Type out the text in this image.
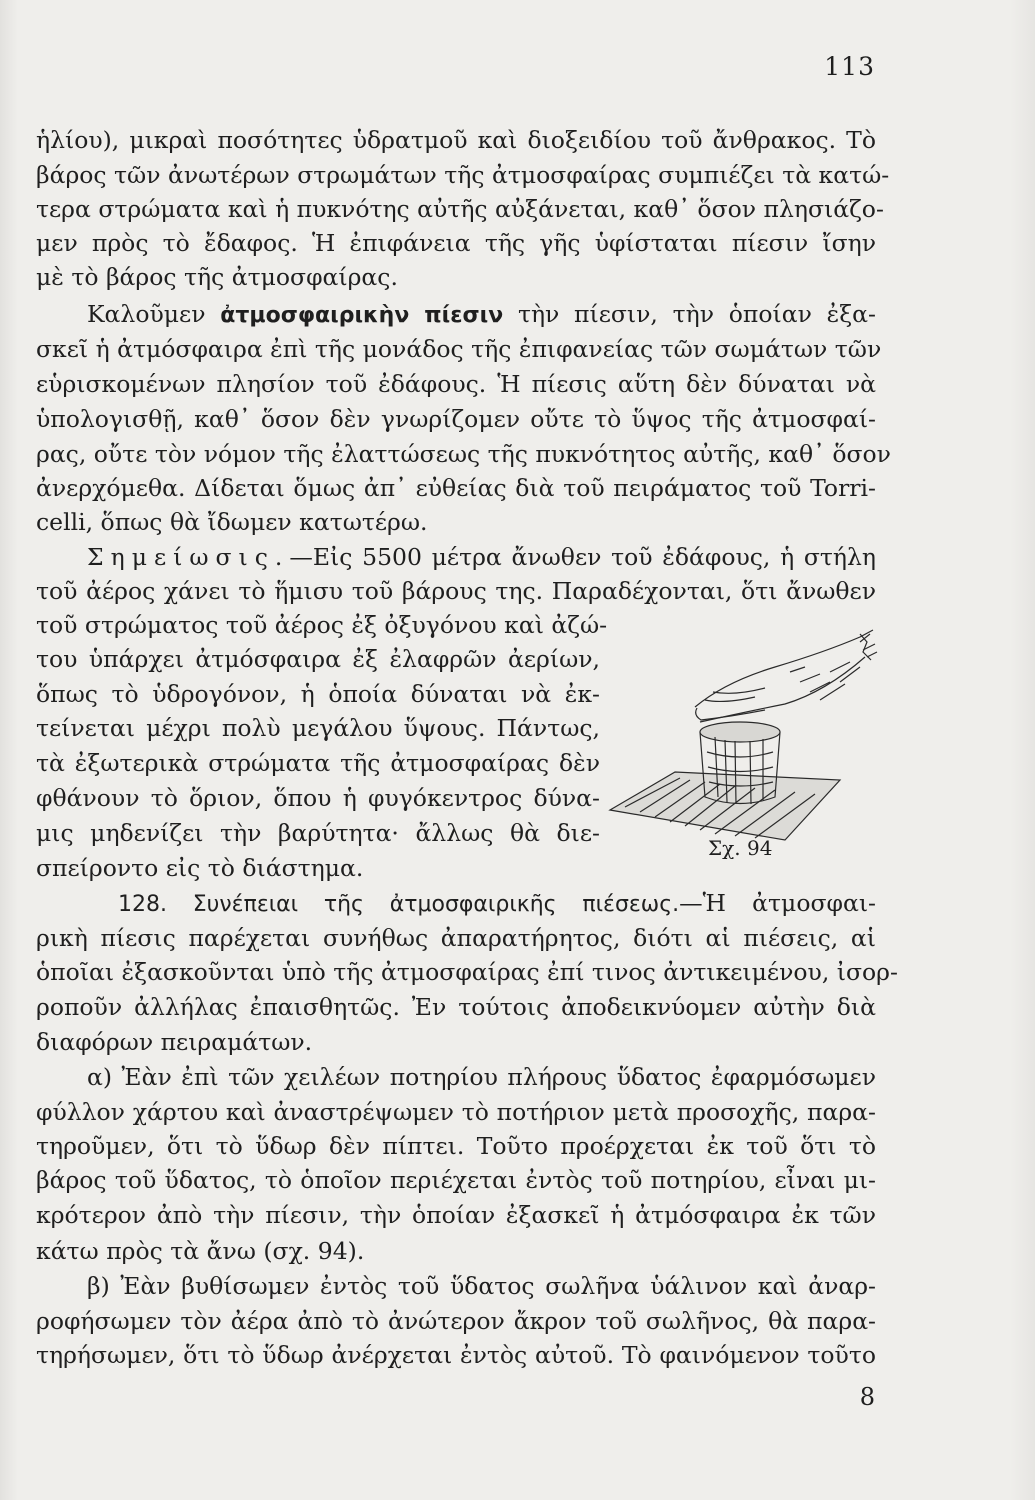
113
ἡλίου), μικραὶ ποσότητες ὑδρατμοῦ καὶ διοξειδίου τοῦ ἄνθρακος. Τὸ
βάρος τῶν ἀνωτέρων στρωμάτων τῆς ἀτμοσφαίρας συμπιέζει τὰ κατώ-
τερα στρώματα καὶ ἡ πυκνότης αὐτῆς αὐξάνεται, καθ᾽ ὅσον πλησιάζο-
μεν πρὸς τὸ ἔδαφος. Ἡ ἐπιφάνεια τῆς γῆς ὑφίσταται πίεσιν ἴσην
μὲ τὸ βάρος τῆς ἀτμοσφαίρας.
Καλοῦμεν ἀτμοσφαιρικὴν πίεσιν τὴν πίεσιν, τὴν ὁποίαν ἐξα-
σκεῖ ἡ ἀτμόσφαιρα ἐπὶ τῆς μονάδος τῆς ἐπιφανείας τῶν σωμάτων τῶν
εὑρισκομένων πλησίον τοῦ ἐδάφους. Ἡ πίεσις αὕτη δὲν δύναται νὰ
ὑπολογισθῇ, καθ᾽ ὅσον δὲν γνωρίζομεν οὔτε τὸ ὕψος τῆς ἀτμοσφαί-
ρας, οὔτε τὸν νόμον τῆς ἐλαττώσεως τῆς πυκνότητος αὐτῆς, καθ᾽ ὅσον
ἀνερχόμεθα. Δίδεται ὅμως ἀπ᾽ εὐθείας διὰ τοῦ πειράματος τοῦ Torri-
celli, ὅπως θὰ ἴδωμεν κατωτέρω.
Σημείωσις.—Εἰς 5500 μέτρα ἄνωθεν τοῦ ἐδάφους, ἡ στήλη
τοῦ ἀέρος χάνει τὸ ἥμισυ τοῦ βάρους της. Παραδέχονται, ὅτι ἄνωθεν
τοῦ στρώματος τοῦ ἀέρος ἐξ ὀξυγόνου καὶ ἀζώ-
του ὑπάρχει ἀτμόσφαιρα ἐξ ἐλαφρῶν ἀερίων,
ὅπως τὸ ὑδρογόνον, ἡ ὁποία δύναται νὰ ἐκ-
τείνεται μέχρι πολὺ μεγάλου ὕψους. Πάντως,
τὰ ἐξωτερικὰ στρώματα τῆς ἀτμοσφαίρας δὲν
φθάνουν τὸ ὅριον, ὅπου ἡ φυγόκεντρος δύνα-
μις μηδενίζει τὴν βαρύτητα· ἄλλως θὰ διε-
σπείροντο εἰς τὸ διάστημα.
Σχ. 94
128. Συνέπειαι τῆς ἀτμοσφαιρικῆς πιέσεως.—Ἡ ἀτμοσφαι-
ρικὴ πίεσις παρέχεται συνήθως ἀπαρατήρητος, διότι αἱ πιέσεις, αἱ
ὁποῖαι ἐξασκοῦνται ὑπὸ τῆς ἀτμοσφαίρας ἐπί τινος ἀντικειμένου, ἰσορ-
ροποῦν ἀλλήλας ἐπαισθητῶς. Ἐν τούτοις ἀποδεικνύομεν αὐτὴν διὰ
διαφόρων πειραμάτων.
α) Ἐὰν ἐπὶ τῶν χειλέων ποτηρίου πλήρους ὕδατος ἐφαρμόσωμεν
φύλλον χάρτου καὶ ἀναστρέψωμεν τὸ ποτήριον μετὰ προσοχῆς, παρα-
τηροῦμεν, ὅτι τὸ ὕδωρ δὲν πίπτει. Τοῦτο προέρχεται ἐκ τοῦ ὅτι τὸ
βάρος τοῦ ὕδατος, τὸ ὁποῖον περιέχεται ἐντὸς τοῦ ποτηρίου, εἶναι μι-
κρότερον ἀπὸ τὴν πίεσιν, τὴν ὁποίαν ἐξασκεῖ ἡ ἀτμόσφαιρα ἐκ τῶν
κάτω πρὸς τὰ ἄνω (σχ. 94).
β) Ἐὰν βυθίσωμεν ἐντὸς τοῦ ὕδατος σωλῆνα ὑάλινον καὶ ἀναρ-
ροφήσωμεν τὸν ἀέρα ἀπὸ τὸ ἀνώτερον ἄκρον τοῦ σωλῆνος, θὰ παρα-
τηρήσωμεν, ὅτι τὸ ὕδωρ ἀνέρχεται ἐντὸς αὐτοῦ. Τὸ φαινόμενον τοῦτο
8
